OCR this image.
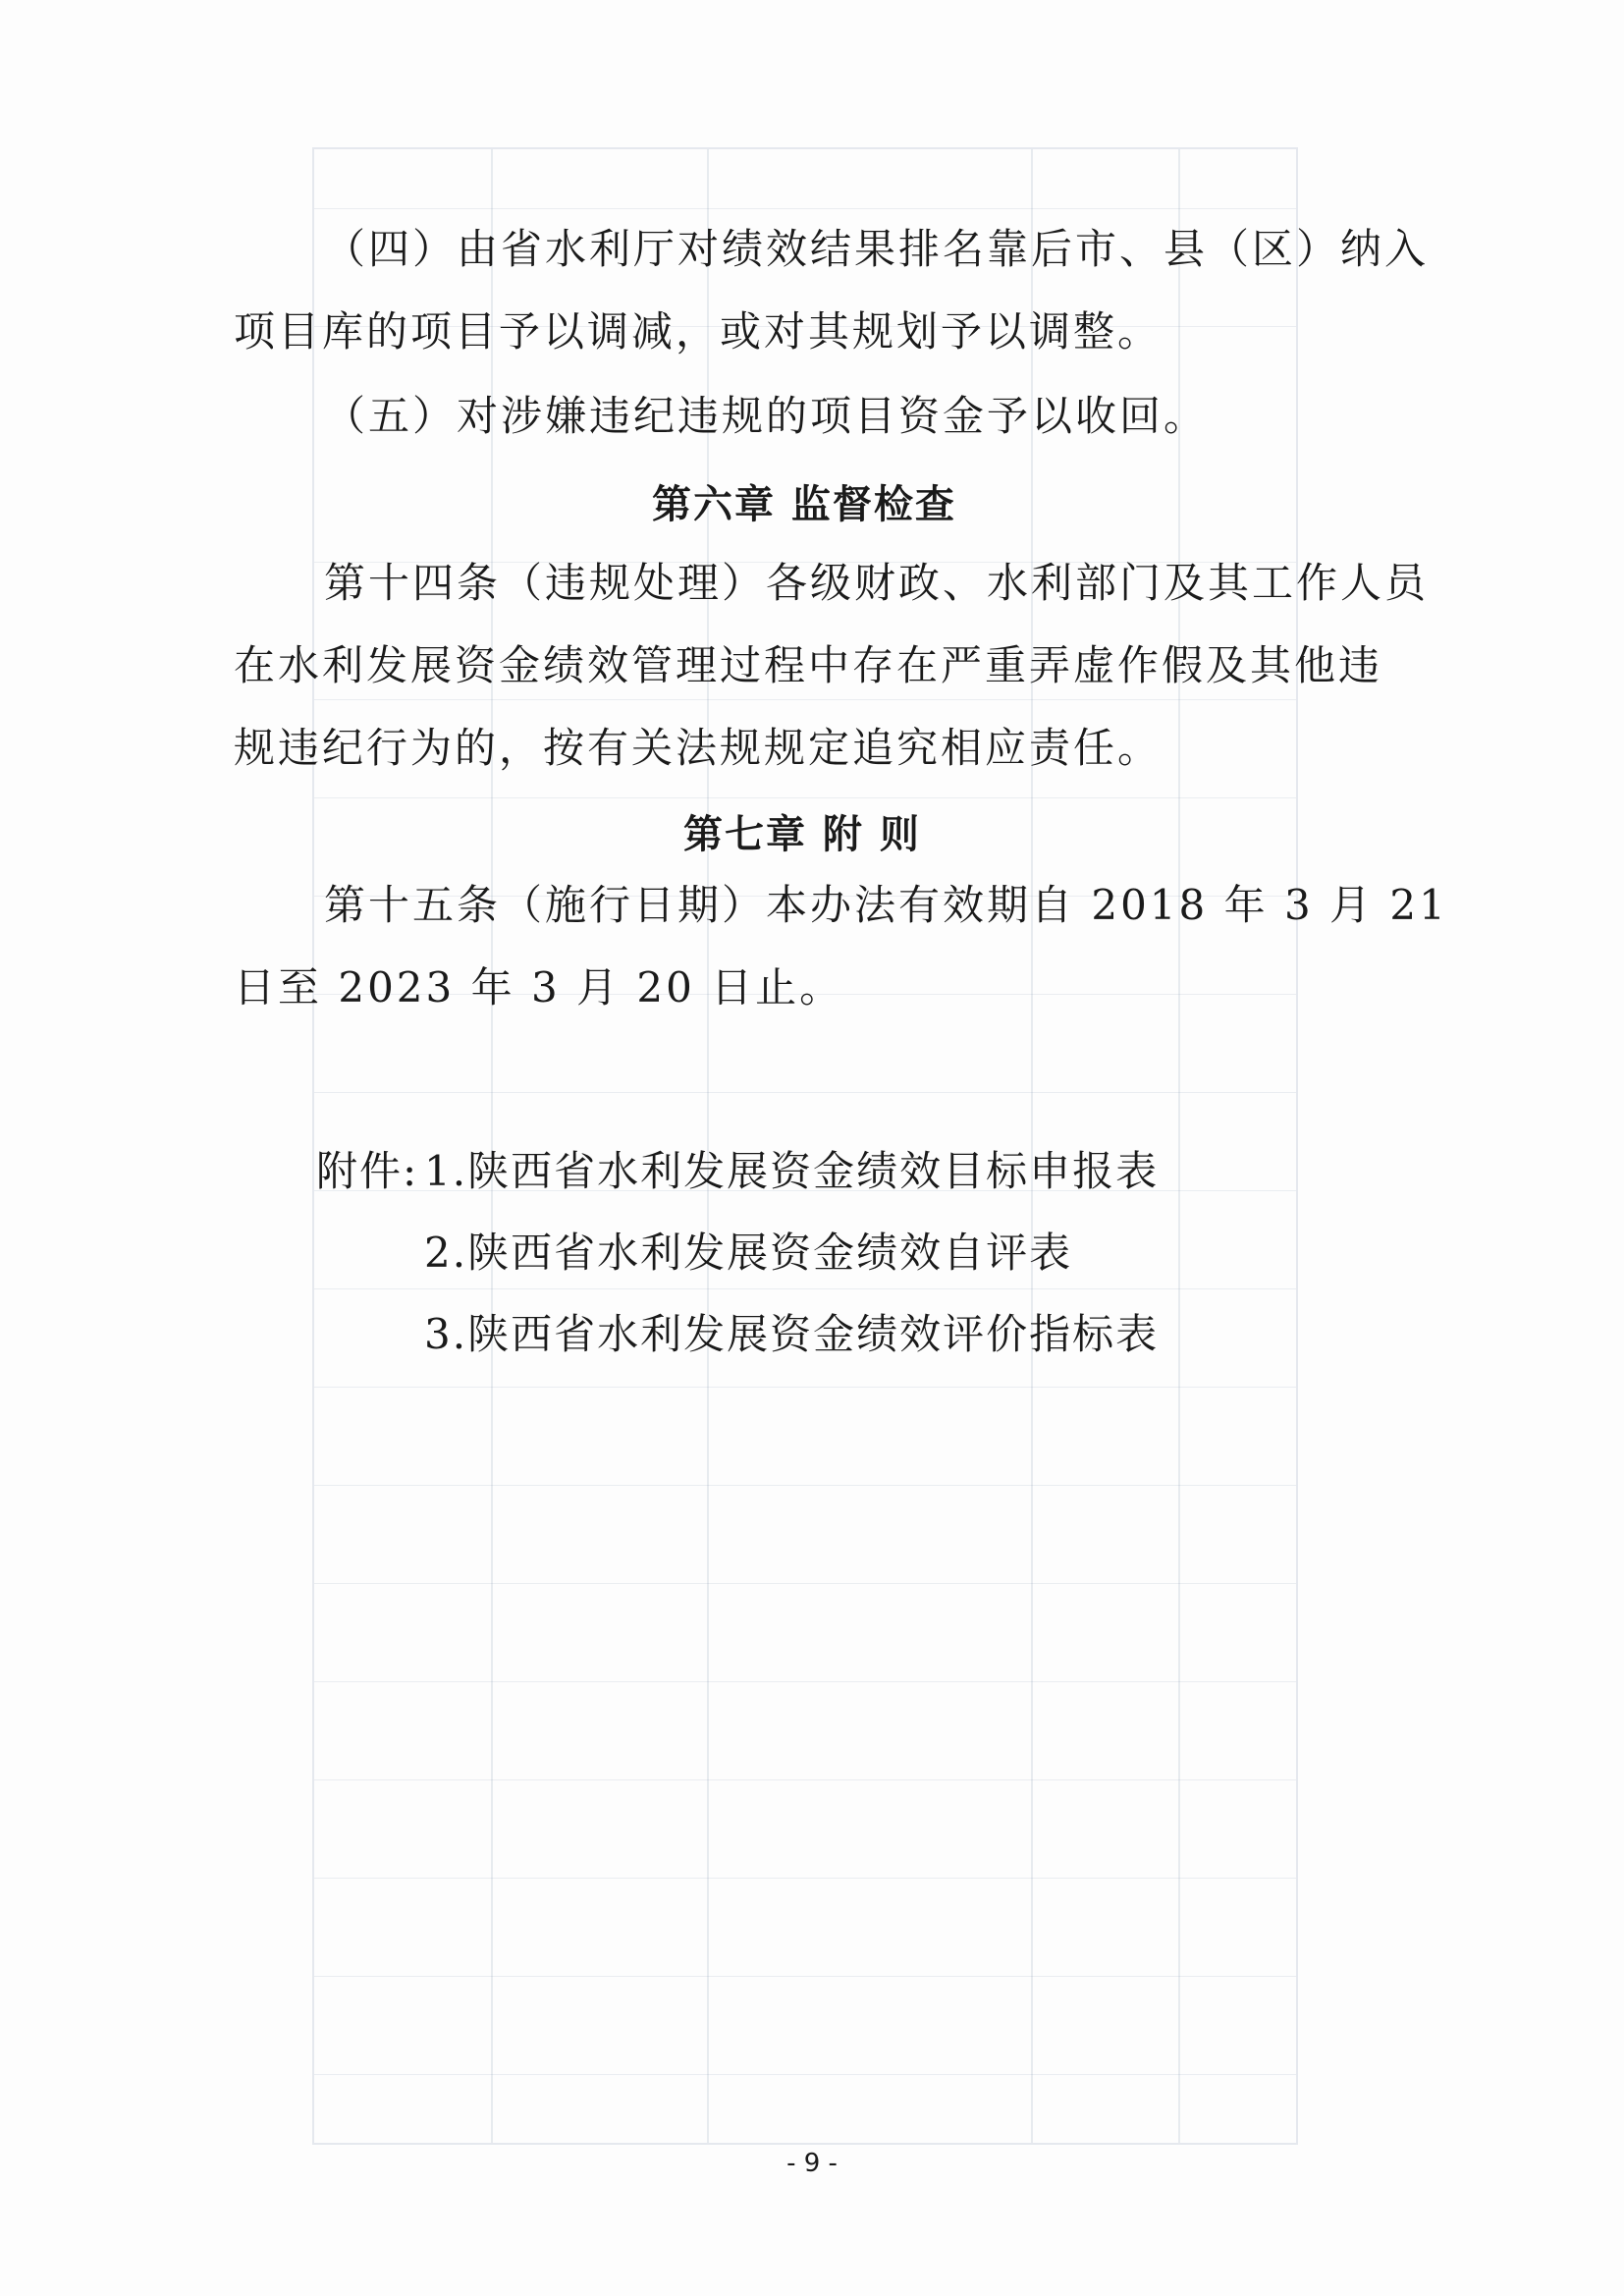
（四）由省水利厅对绩效结果排名靠后市、县（区）纳入

项目库的项目予以调减，或对其规划予以调整。

（五）对涉嫌违纪违规的项目资金予以收回。

第六章 监督检查

第十四条（违规处理）各级财政、水利部门及其工作人员

在水利发展资金绩效管理过程中存在严重弄虚作假及其他违

规违纪行为的，按有关法规规定追究相应责任。

第七章 附 则

第十五条（施行日期）本办法有效期自 2018 年 3 月 21

日至 2023 年 3 月 20 日止。

附件: 1.陕西省水利发展资金绩效目标申报表
2.陕西省水利发展资金绩效自评表
3.陕西省水利发展资金绩效评价指标表
- 9 -
